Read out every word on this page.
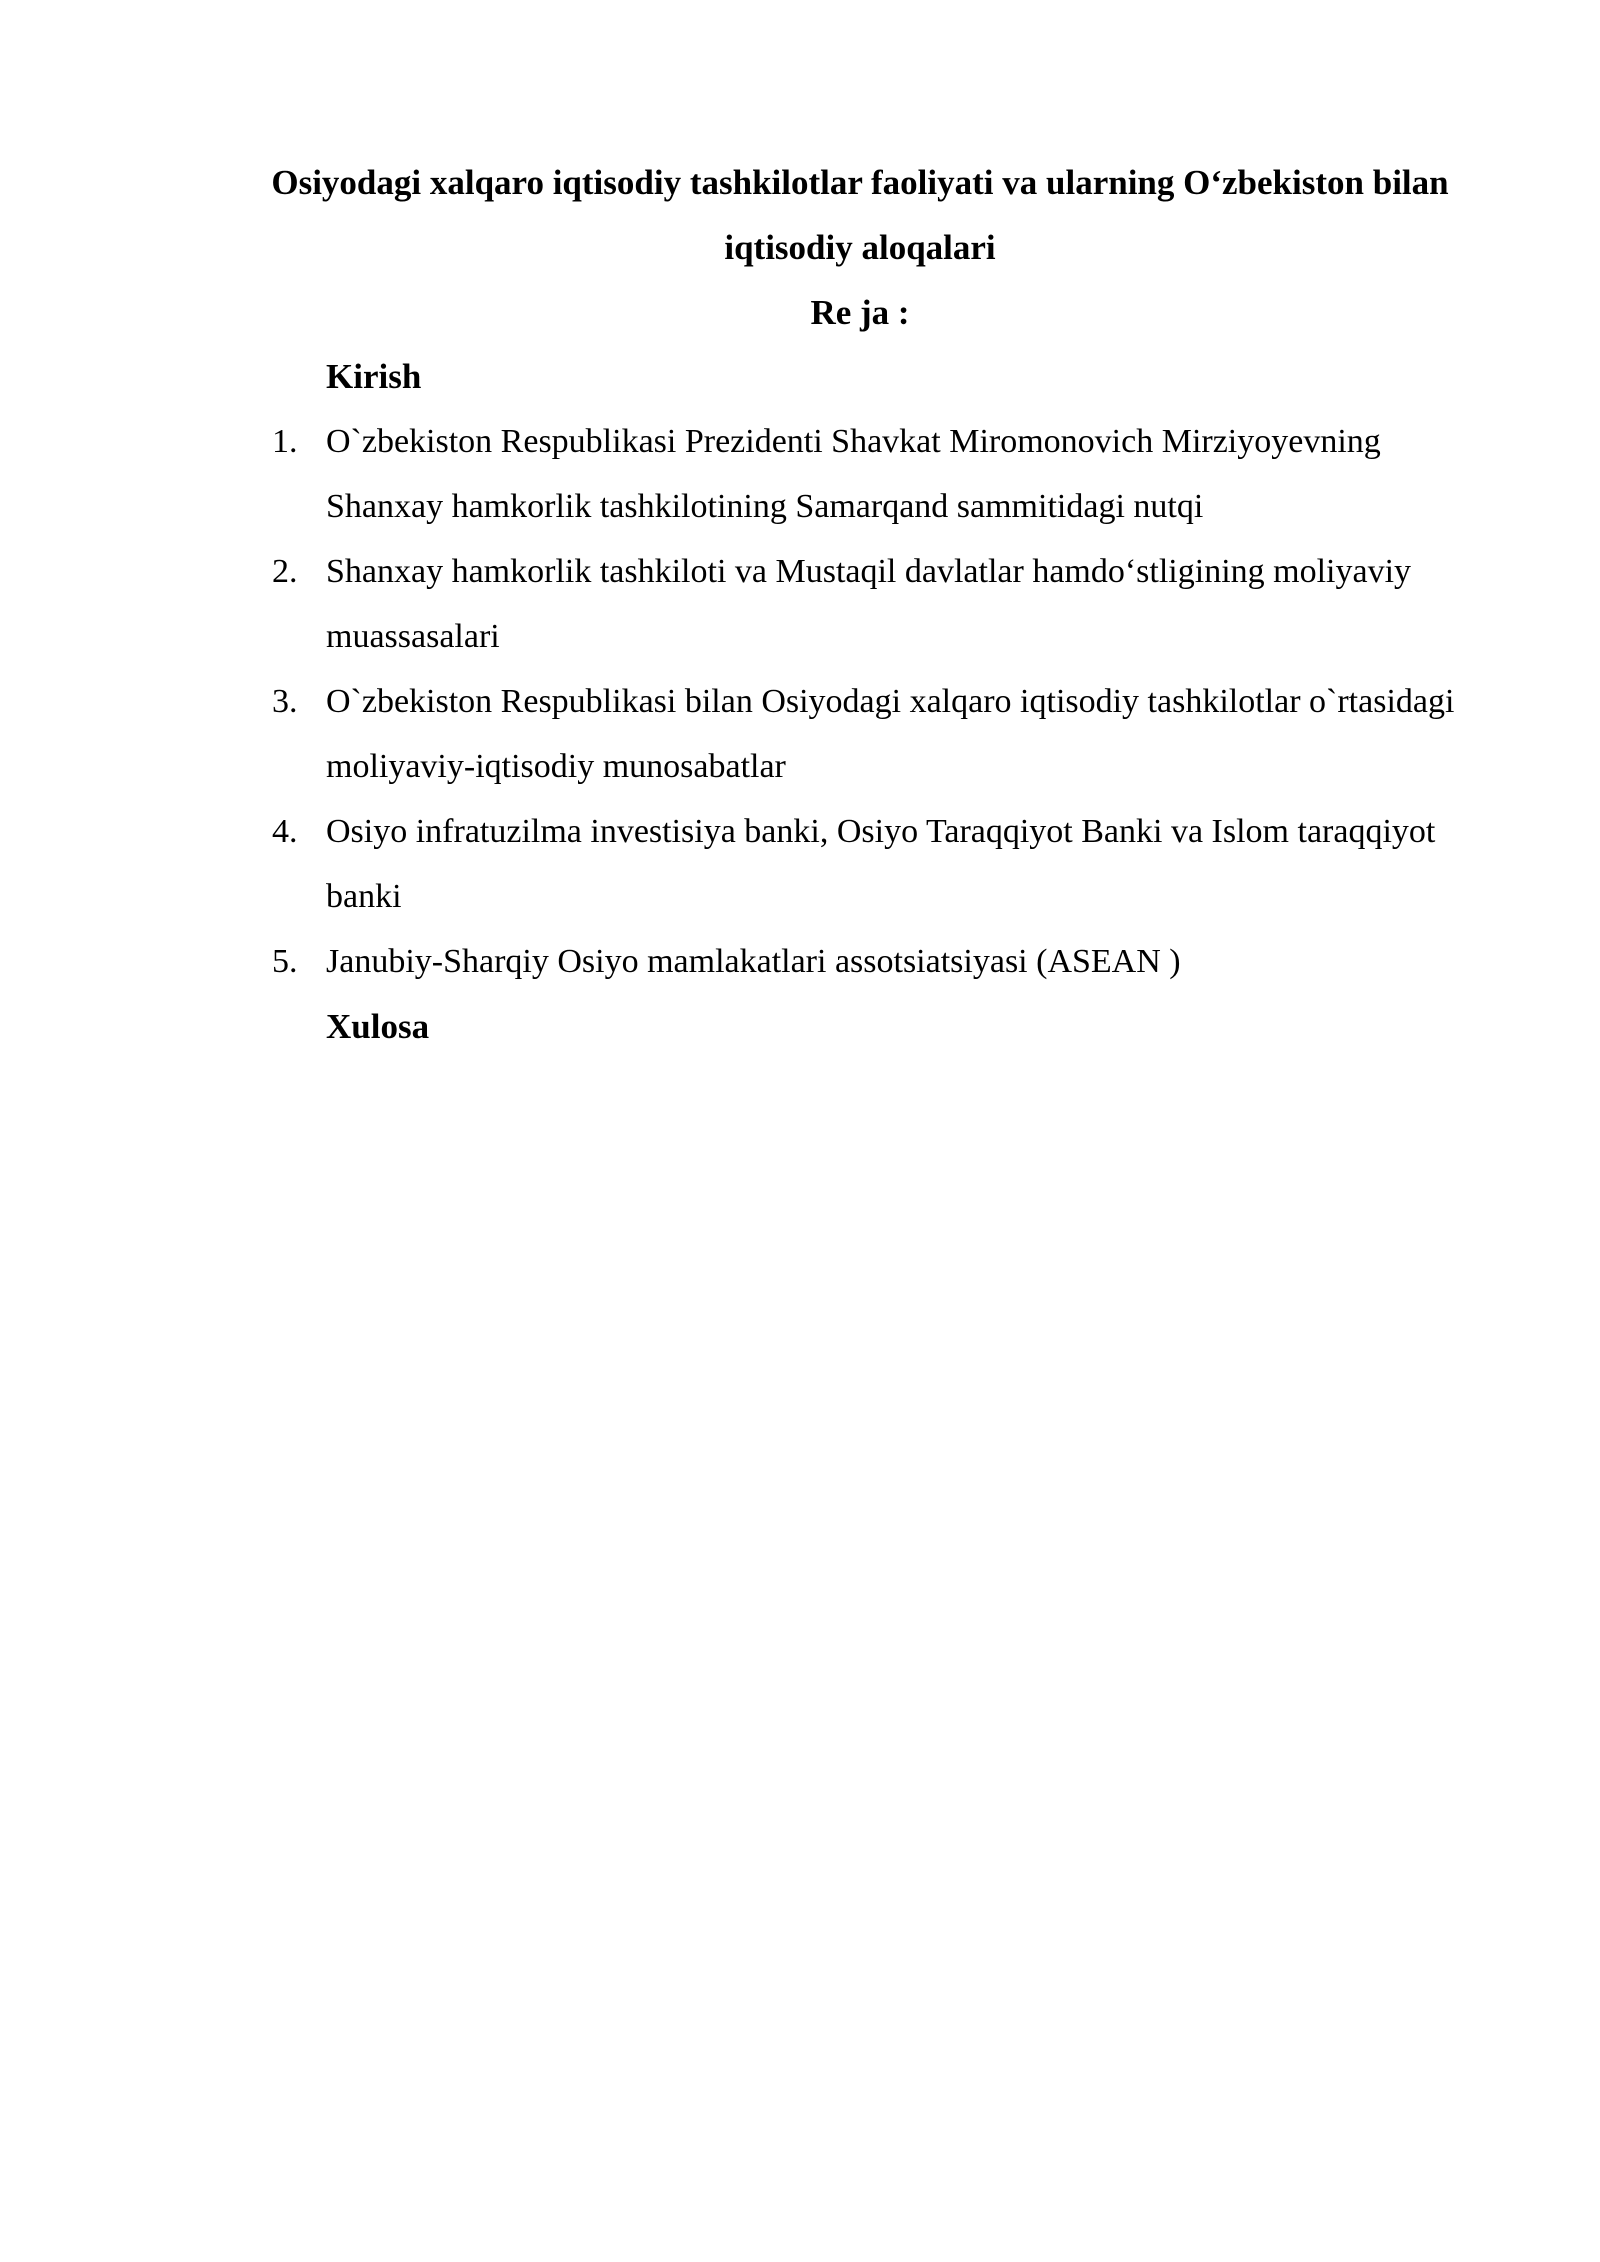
Osiyodagi xalqaro iqtisodiy tashkilotlar faoliyati va ularning O‘zbekiston bilan iqtisodiy aloqalari
Re ja :
Kirish
1. O`zbekiston Respublikasi Prezidenti Shavkat Miromonovich Mirziyoyevning Shanxay hamkorlik tashkilotining Samarqand sammitidagi nutqi
2. Shanxay hamkorlik tashkiloti va Mustaqil davlatlar hamdo‘stligining moliyaviy muassasalari
3. O`zbekiston Respublikasi bilan Osiyodagi xalqaro iqtisodiy tashkilotlar o`rtasidagi moliyaviy-iqtisodiy munosabatlar
4. Osiyo infratuzilma investisiya banki, Osiyo Taraqqiyot Banki va Islom taraqqiyot banki
5. Janubiy-Sharqiy Osiyo mamlakatlari assotsiatsiyasi (ASEAN )
Xulosa
